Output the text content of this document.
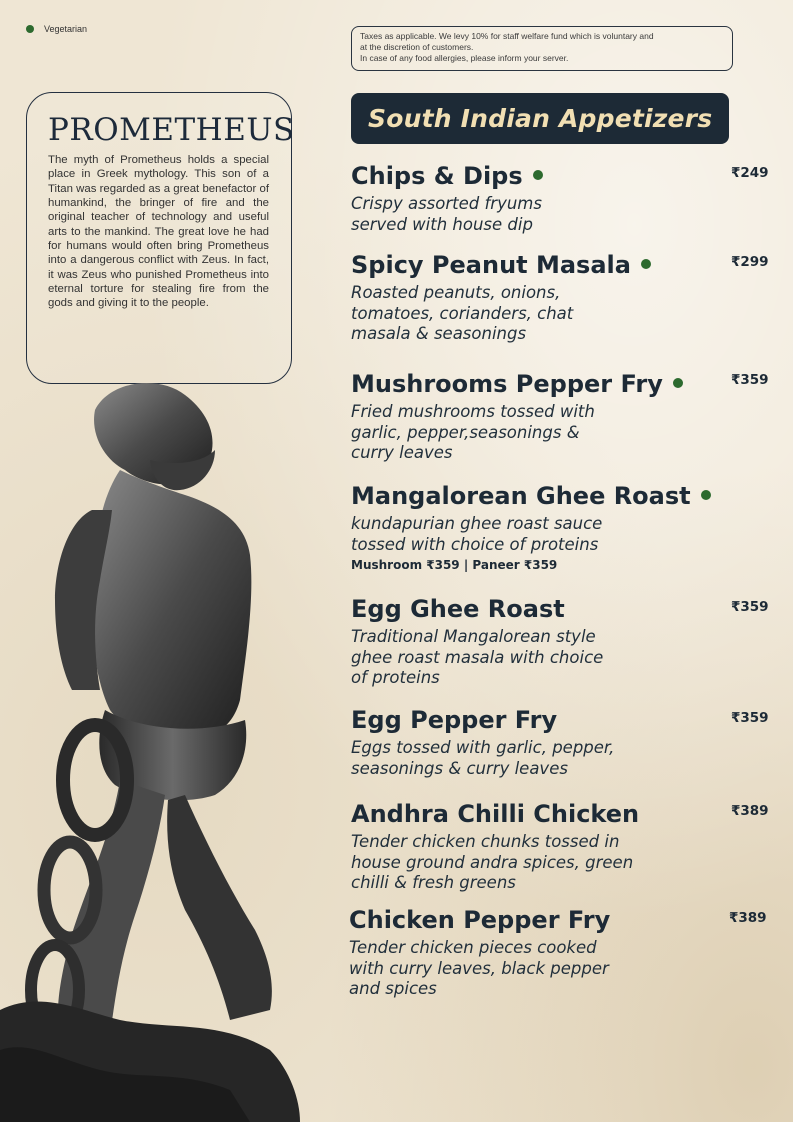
Vegetarian
Taxes as applicable. We levy 10% for staff welfare fund which is voluntary and
at the discretion of customers.
In case of any food allergies, please inform your server.
PROMETHEUS

The myth of Prometheus holds a special place in Greek mythology. This son of a Titan was regarded as a great benefactor of humankind, the bringer of fire and the original teacher of technology and useful arts to the mankind. The great love he had for humans would often bring Prometheus into a dangerous conflict with Zeus. In fact, it was Zeus who punished Prometheus into eternal torture for stealing fire from the gods and giving it to the people.

South Indian Appetizers
Chips & Dips
Crispy assorted fryums
served with house dip
₹249
Spicy Peanut Masala
Roasted peanuts, onions,
tomatoes, corianders, chat
masala & seasonings
₹299
Mushrooms Pepper Fry
Fried mushrooms tossed with
garlic, pepper,seasonings &
curry leaves
₹359
Mangalorean Ghee Roast
kundapurian ghee roast sauce
tossed with choice of proteins
Mushroom ₹359 | Paneer ₹359
Egg Ghee Roast
Traditional Mangalorean style
ghee roast masala with choice
of proteins
₹359
Egg Pepper Fry
Eggs tossed with garlic, pepper,
seasonings & curry leaves
₹359
Andhra Chilli Chicken
Tender chicken chunks tossed in
house ground andra spices, green
chilli & fresh greens
₹389
Chicken Pepper Fry
Tender chicken pieces cooked
with curry leaves, black pepper
and spices
₹389
